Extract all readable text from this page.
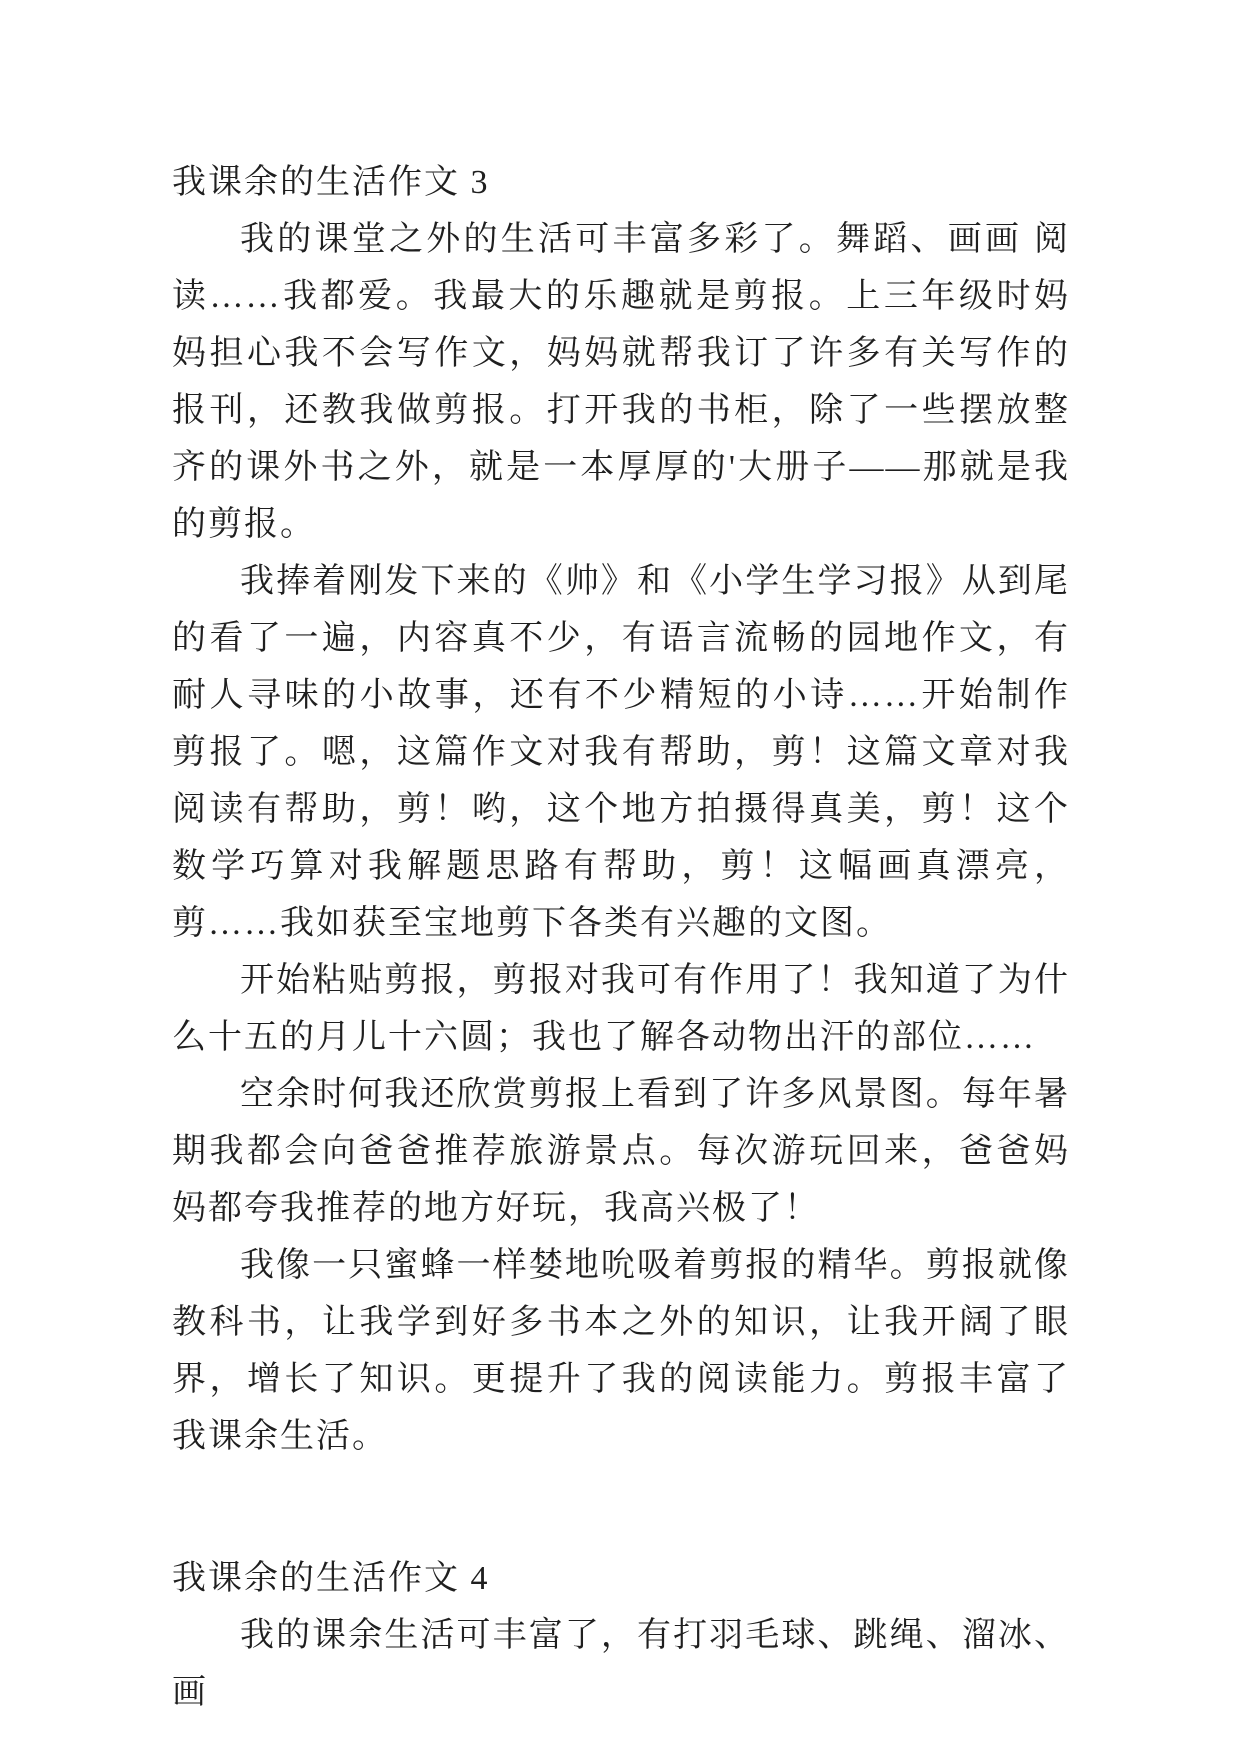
我课余的生活作文 3

我的课堂之外的生活可丰富多彩了。舞蹈、画画 阅读……我都爱。我最大的乐趣就是剪报。上三年级时妈妈担心我不会写作文，妈妈就帮我订了许多有关写作的报刊，还教我做剪报。打开我的书柜，除了一些摆放整齐的课外书之外，就是一本厚厚的'大册子——那就是我的剪报。

我捧着刚发下来的《帅》和《小学生学习报》从到尾的看了一遍，内容真不少，有语言流畅的园地作文，有耐人寻味的小故事，还有不少精短的小诗……开始制作剪报了。嗯，这篇作文对我有帮助，剪！这篇文章对我阅读有帮助，剪！哟，这个地方拍摄得真美，剪！这个数学巧算对我解题思路有帮助，剪！这幅画真漂亮，剪……我如获至宝地剪下各类有兴趣的文图。

开始粘贴剪报，剪报对我可有作用了！我知道了为什么十五的月儿十六圆；我也了解各动物出汗的部位……

空余时何我还欣赏剪报上看到了许多风景图。每年暑期我都会向爸爸推荐旅游景点。每次游玩回来，爸爸妈妈都夸我推荐的地方好玩，我高兴极了！

我像一只蜜蜂一样婪地吮吸着剪报的精华。剪报就像教科书，让我学到好多书本之外的知识，让我开阔了眼界，增长了知识。更提升了我的阅读能力。剪报丰富了我课余生活。

我课余的生活作文 4

我的课余生活可丰富了，有打羽毛球、跳绳、溜冰、画
